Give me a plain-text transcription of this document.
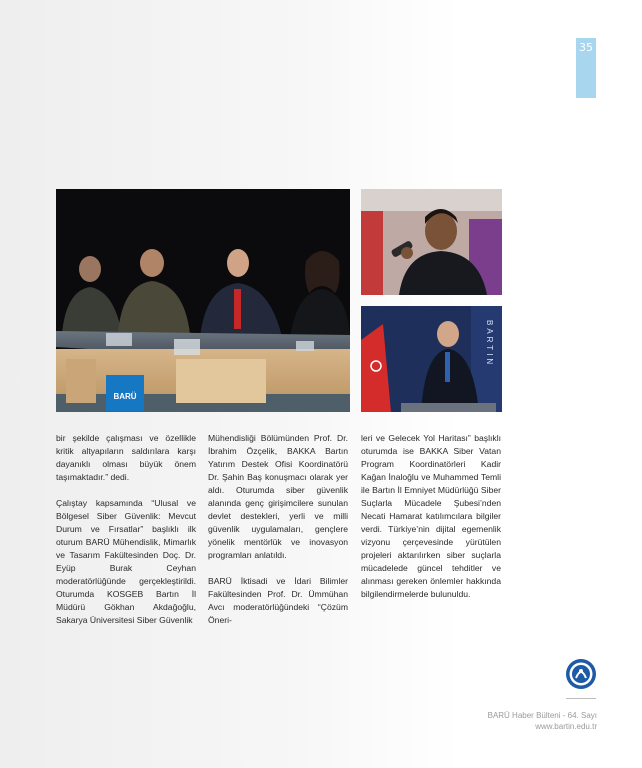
35
BARÜ
BARTIN

bir şekilde çalışması ve özellikle kritik altyapıların saldırılara karşı dayanıklı olması büyük önem taşımaktadır.” dedi.

Çalıştay kapsamında “Ulusal ve Bölgesel Siber Güvenlik: Mevcut Durum ve Fırsatlar” başlıklı ilk oturum BARÜ Mühendislik, Mimarlık ve Tasarım Fakültesinden Doç. Dr. Eyüp Burak Ceyhan moderatörlüğünde gerçekleştirildi. Oturumda KOSGEB Bartın İl Müdürü Gökhan Akdağoğlu, Sakarya Üniversitesi Siber Güvenlik

Mühendisliği Bölümünden Prof. Dr. İbrahim Özçelik, BAKKA Bartın Yatırım Destek Ofisi Koordinatörü Dr. Şahin Baş konuşmacı olarak yer aldı. Oturumda siber güvenlik alanında genç girişimcilere sunulan devlet destekleri, yerli ve milli güvenlik uygulamaları, gençlere yönelik mentörlük ve inovasyon programları anlatıldı.

BARÜ İktisadi ve İdari Bilimler Fakültesinden Prof. Dr. Ümmühan Avcı moderatörlüğündeki “Çözüm Öneri-

leri ve Gelecek Yol Haritası” başlıklı oturumda ise BAKKA Siber Vatan Program Koordinatörleri Kadir Kağan İnaloğlu ve Muhammed Temli ile Bartın İl Emniyet Müdürlüğü Siber Suçlarla Mücadele Şubesi’nden Necati Hamarat katılımcılara bilgiler verdi. Türkiye’nin dijital egemenlik vizyonu çerçevesinde yürütülen projeleri aktarılırken siber suçlarla mücadelede güncel tehditler ve alınması gereken önlemler hakkında bilgilendirmelerde bulunuldu.

BARÜ Haber Bülteni - 64. Sayı
www.bartin.edu.tr
